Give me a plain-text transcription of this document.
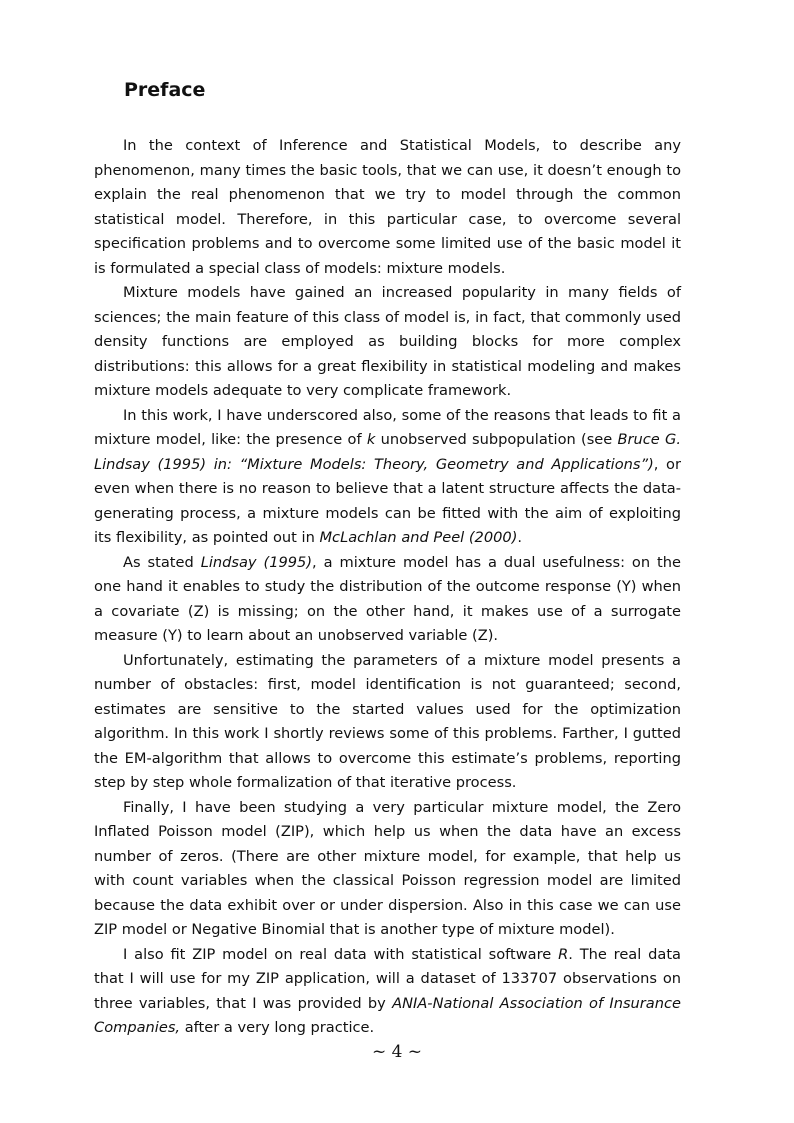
Preface

In the context of Inference and Statistical Models, to describe any phenomenon, many times the basic tools, that we can use, it doesn’t enough to explain the real phenomenon that we try to model through the common statistical model. Therefore, in this particular case, to overcome several specification problems and to overcome some limited use of the basic model it is formulated a special class of models: mixture models.

Mixture models have gained an increased popularity in many fields of sciences; the main feature of this class of model is, in fact, that commonly used density functions are employed as building blocks for more complex distributions: this allows for a great flexibility in statistical modeling and makes mixture models adequate to very complicate framework.

In this work, I have underscored also, some of the reasons that leads to fit a mixture model, like: the presence of k unobserved subpopulation (see Bruce G. Lindsay (1995) in: “Mixture Models: Theory, Geometry and Applications”), or even when there is no reason to believe that a latent structure affects the data-generating process, a mixture models can be fitted with the aim of exploiting its flexibility, as pointed out in McLachlan and Peel (2000).

As stated Lindsay (1995), a mixture model has a dual usefulness: on the one hand it enables to study the distribution of the outcome response (Y) when a covariate (Z) is missing; on the other hand, it makes use of a surrogate measure (Y) to learn about an unobserved variable (Z).

Unfortunately, estimating the parameters of a mixture model presents a number of obstacles: first, model identification is not guaranteed; second, estimates are sensitive to the started values used for the optimization algorithm. In this work I shortly reviews some of this problems. Farther, I gutted the EM-algorithm that allows to overcome this estimate’s problems, reporting step by step whole formalization of that iterative process.

Finally, I have been studying a very particular mixture model, the Zero Inflated Poisson model (ZIP), which help us when the data have an excess number of zeros. (There are other mixture model, for example, that help us with count variables when the classical Poisson regression model are limited because the data exhibit over or under dispersion. Also in this case we can use ZIP model or Negative Binomial that is another type of mixture model).

I also fit ZIP model on real data with statistical software R. The real data that I will use for my ZIP application, will a dataset of 133707 observations on three variables, that I was provided by ANIA-National Association of Insurance Companies, after a very long practice.

~ 4 ~
